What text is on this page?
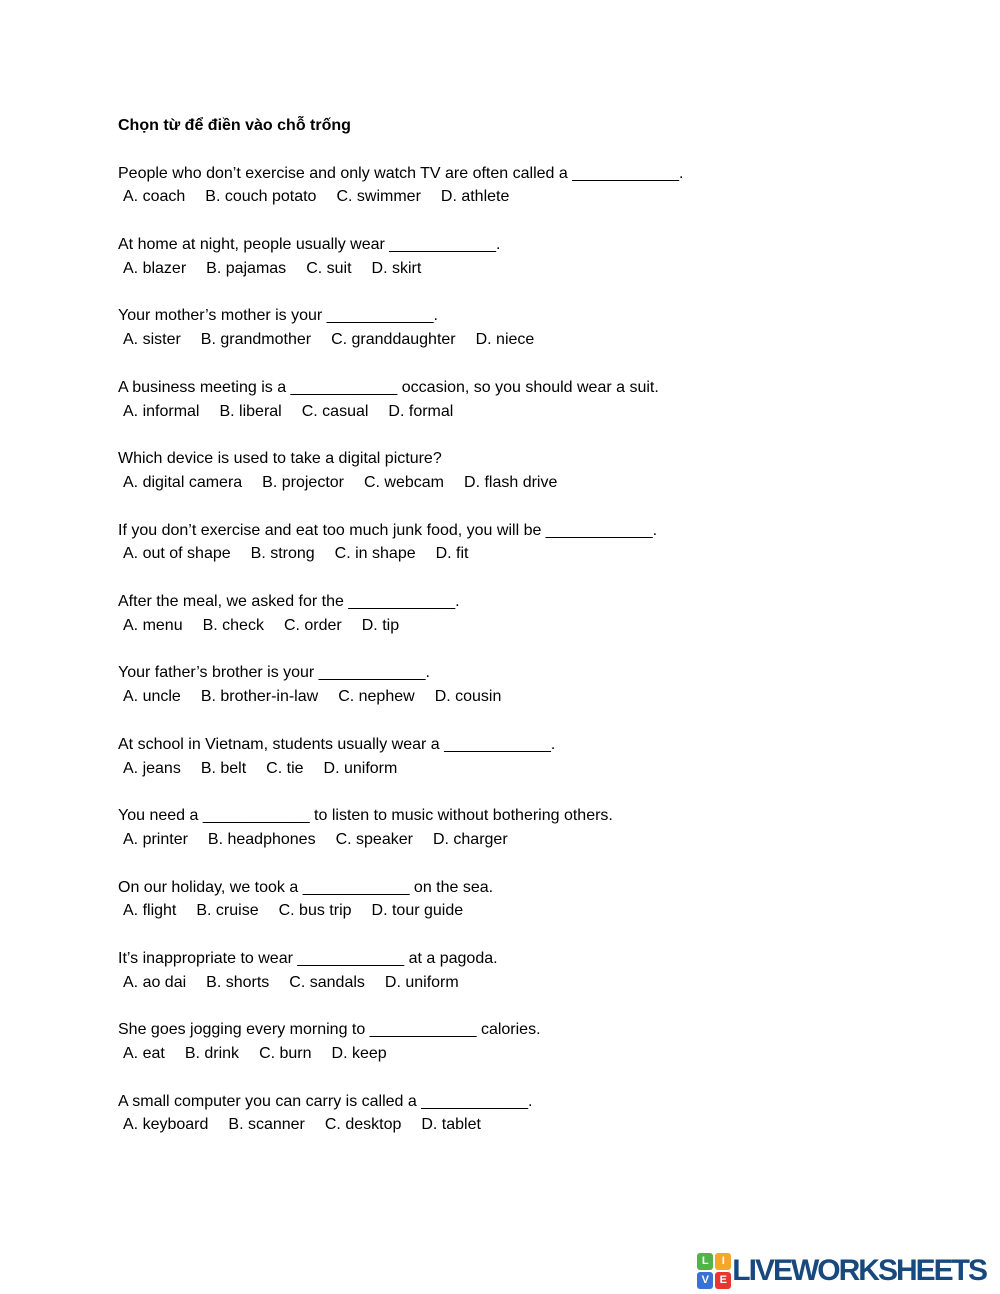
Chọn từ để điền vào chỗ trống
People who don’t exercise and only watch TV are often called a ____________.
A. coach B. couch potato C. swimmer D. athlete
At home at night, people usually wear ____________.
A. blazer B. pajamas C. suit D. skirt
Your mother’s mother is your ____________.
A. sister B. grandmother C. granddaughter D. niece
A business meeting is a ____________ occasion, so you should wear a suit.
A. informal B. liberal C. casual D. formal
Which device is used to take a digital picture?
A. digital camera B. projector C. webcam D. flash drive
If you don’t exercise and eat too much junk food, you will be ____________.
A. out of shape B. strong C. in shape D. fit
After the meal, we asked for the ____________.
A. menu B. check C. order D. tip
Your father’s brother is your ____________.
A. uncle B. brother-in-law C. nephew D. cousin
At school in Vietnam, students usually wear a ____________.
A. jeans B. belt C. tie D. uniform
You need a ____________ to listen to music without bothering others.
A. printer B. headphones C. speaker D. charger
On our holiday, we took a ____________ on the sea.
A. flight B. cruise C. bus trip D. tour guide
It’s inappropriate to wear ____________ at a pagoda.
A. ao dai B. shorts C. sandals D. uniform
She goes jogging every morning to ____________ calories.
A. eat B. drink C. burn D. keep
A small computer you can carry is called a ____________.
A. keyboard B. scanner C. desktop D. tablet
L	I
V E LIVEWORKSHEETS
